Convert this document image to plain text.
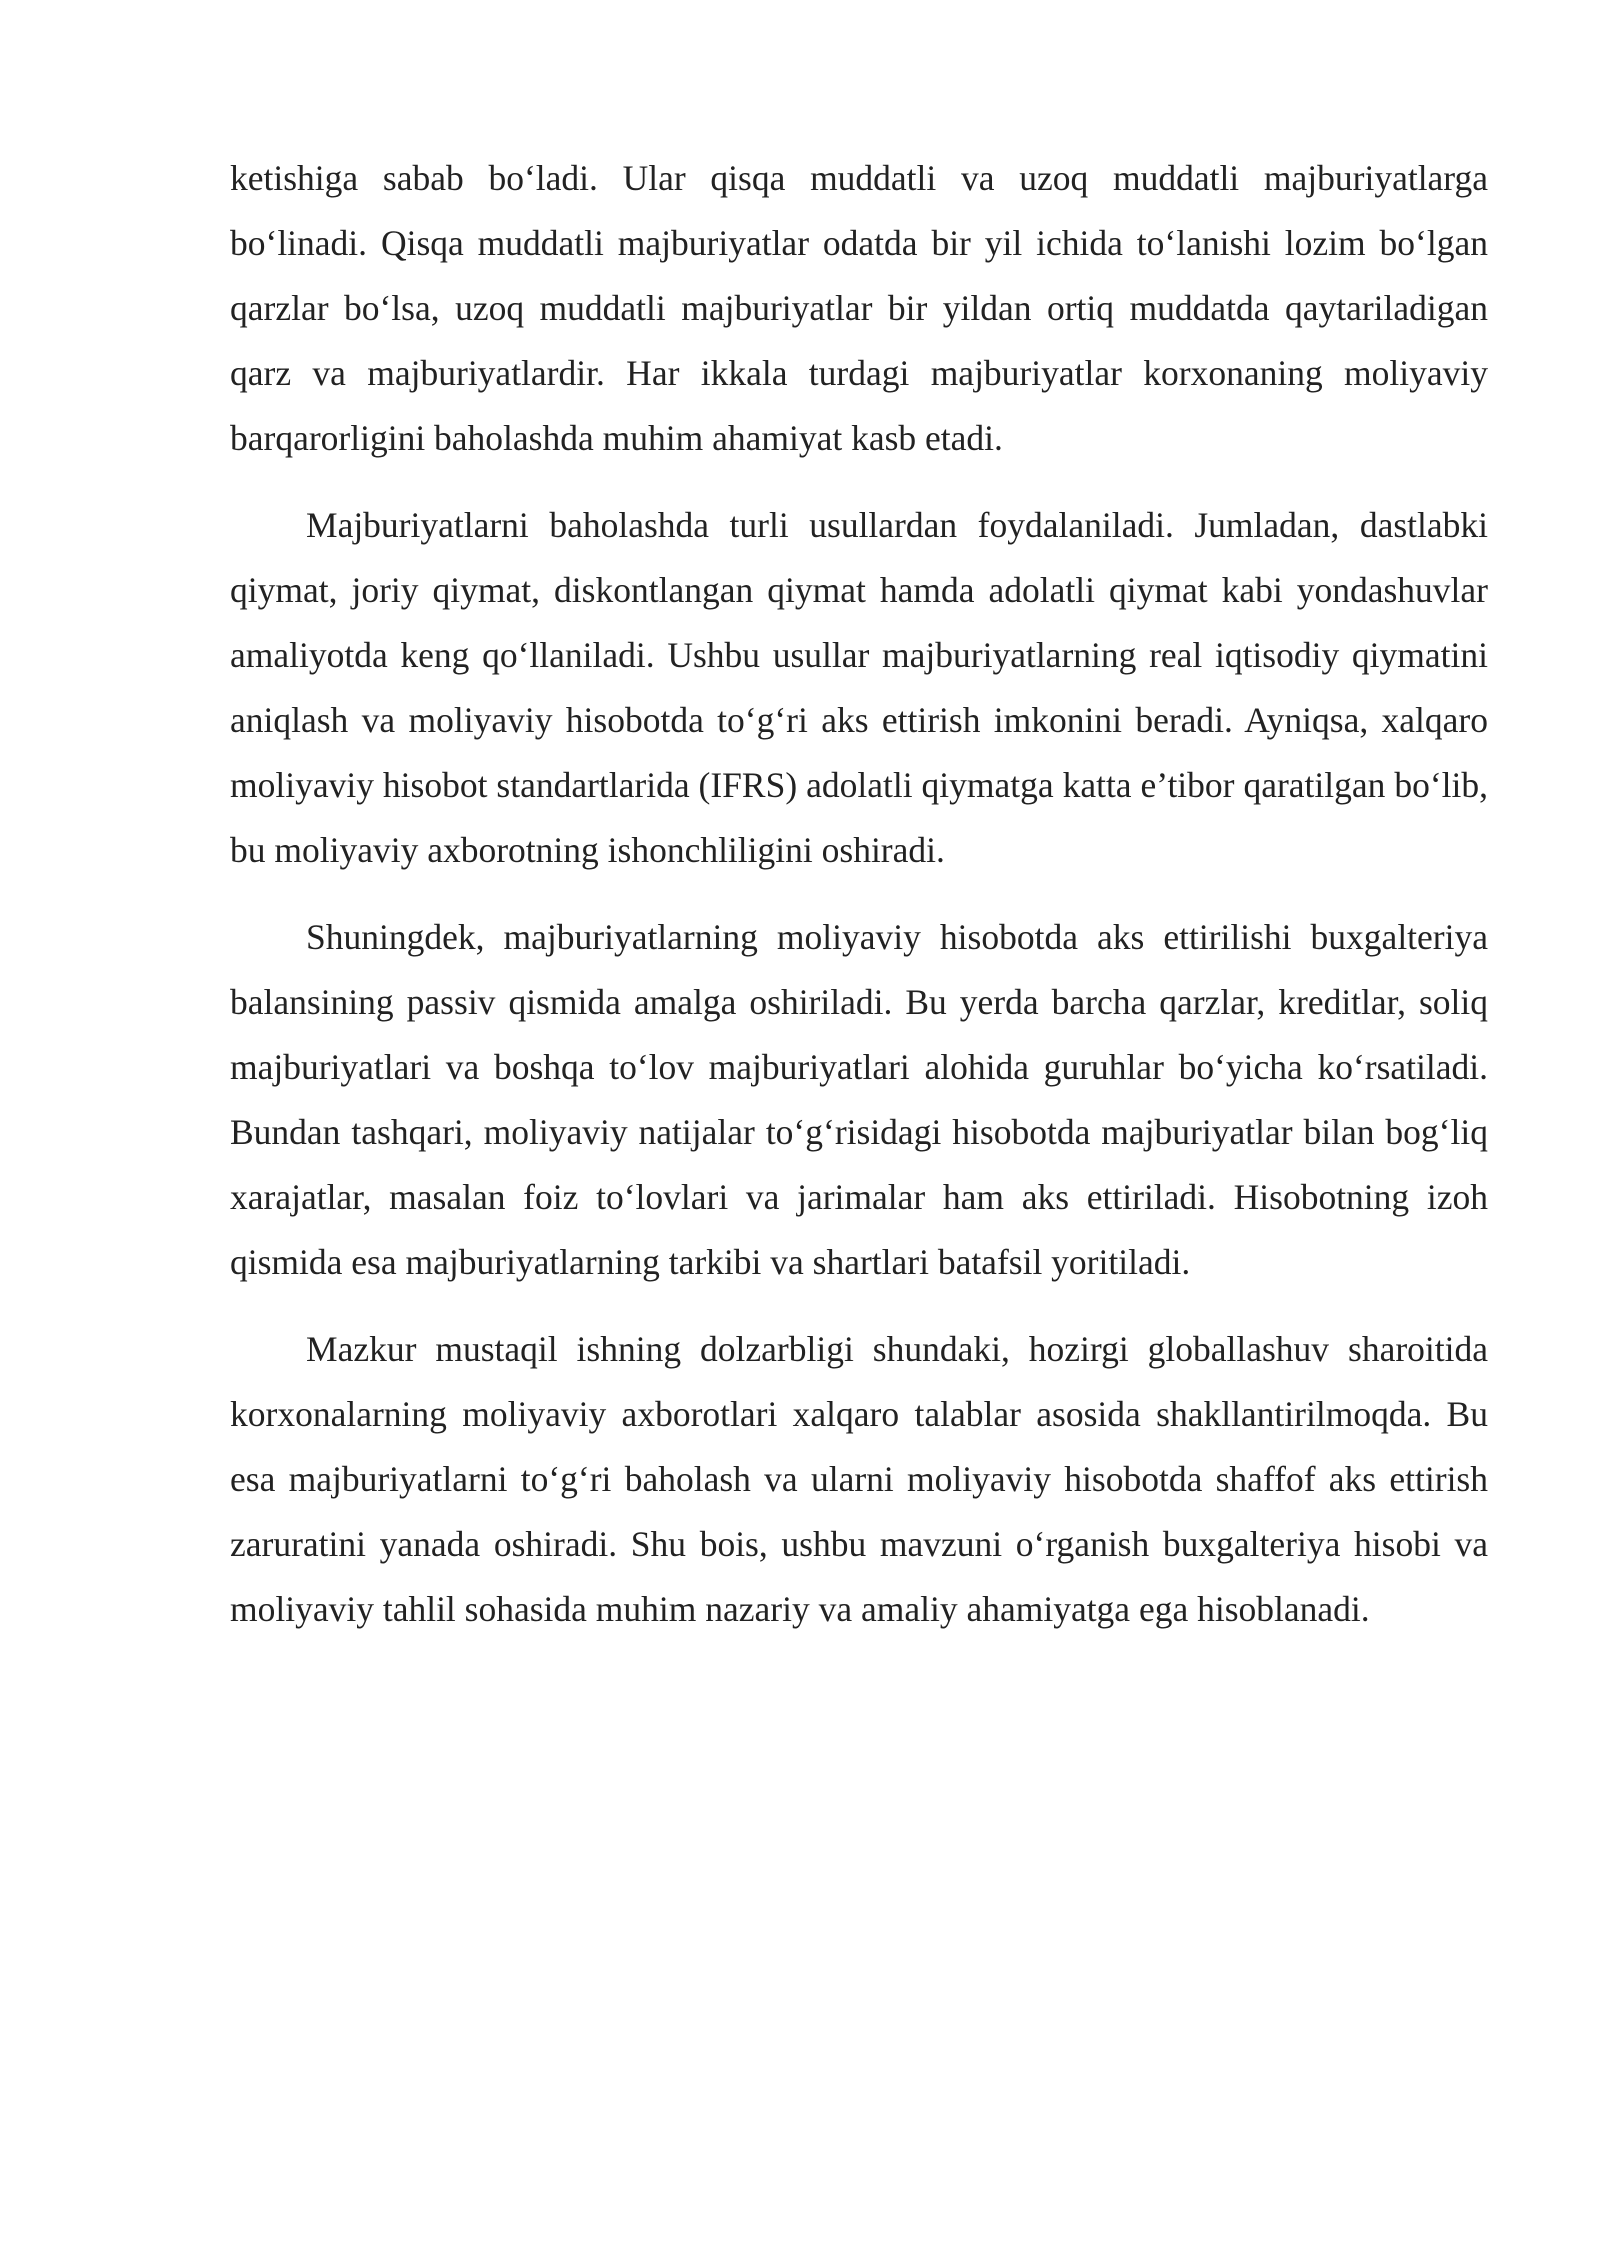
ketishiga sabab bo‘ladi. Ular qisqa muddatli va uzoq muddatli majburiyatlarga bo‘linadi. Qisqa muddatli majburiyatlar odatda bir yil ichida to‘lanishi lozim bo‘lgan qarzlar bo‘lsa, uzoq muddatli majburiyatlar bir yildan ortiq muddatda qaytariladigan qarz va majburiyatlardir. Har ikkala turdagi majburiyatlar korxonaning moliyaviy barqarorligini baholashda muhim ahamiyat kasb etadi.

Majburiyatlarni baholashda turli usullardan foydalaniladi. Jumladan, dastlabki qiymat, joriy qiymat, diskontlangan qiymat hamda adolatli qiymat kabi yondashuvlar amaliyotda keng qo‘llaniladi. Ushbu usullar majburiyatlarning real iqtisodiy qiymatini aniqlash va moliyaviy hisobotda to‘g‘ri aks ettirish imkonini beradi. Ayniqsa, xalqaro moliyaviy hisobot standartlarida (IFRS) adolatli qiymatga katta e’tibor qaratilgan bo‘lib, bu moliyaviy axborotning ishonchliligini oshiradi.

Shuningdek, majburiyatlarning moliyaviy hisobotda aks ettirilishi buxgalteriya balansining passiv qismida amalga oshiriladi. Bu yerda barcha qarzlar, kreditlar, soliq majburiyatlari va boshqa to‘lov majburiyatlari alohida guruhlar bo‘yicha ko‘rsatiladi. Bundan tashqari, moliyaviy natijalar to‘g‘risidagi hisobotda majburiyatlar bilan bog‘liq xarajatlar, masalan foiz to‘lovlari va jarimalar ham aks ettiriladi. Hisobotning izoh qismida esa majburiyatlarning tarkibi va shartlari batafsil yoritiladi.

Mazkur mustaqil ishning dolzarbligi shundaki, hozirgi globallashuv sharoitida korxonalarning moliyaviy axborotlari xalqaro talablar asosida shakllantirilmoqda. Bu esa majburiyatlarni to‘g‘ri baholash va ularni moliyaviy hisobotda shaffof aks ettirish zaruratini yanada oshiradi. Shu bois, ushbu mavzuni o‘rganish buxgalteriya hisobi va moliyaviy tahlil sohasida muhim nazariy va amaliy ahamiyatga ega hisoblanadi.
